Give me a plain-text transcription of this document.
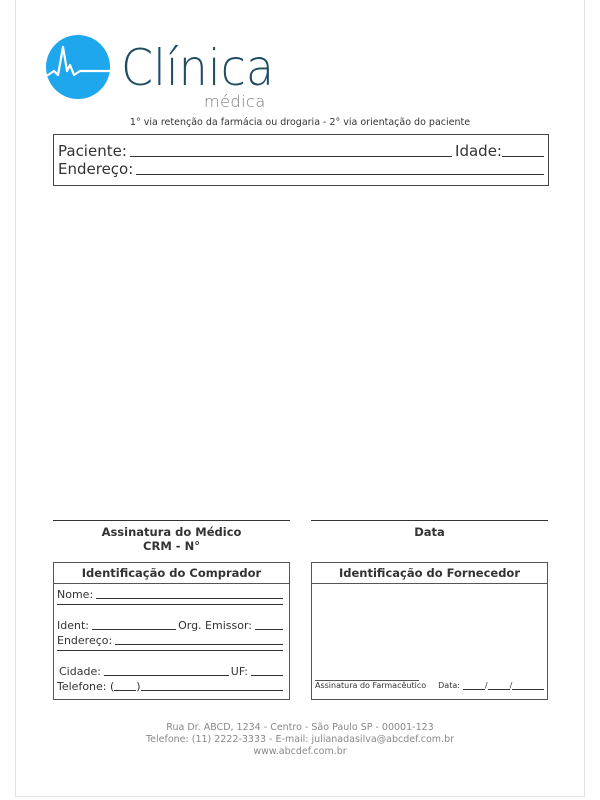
Clínica
médica
1° via retenção da farmácia ou drogaria - 2° via orientação do paciente
Paciente:	Idade:
Endereço:
Assinatura do Médico
CRM - N°
Data
Identificação do Comprador
Nome:
Ident:	Org. Emissor:
Endereço:
Cidade:	UF:
Telefone: ( )
Identificação do Fornecedor
Assinatura do Farmacêutico Data:	/	/
Rua Dr. ABCD, 1234 - Centro - São Paulo SP - 00001-123
Telefone: (11) 2222-3333 - E-mail: julianadasilva@abcdef.com.br
www.abcdef.com.br
